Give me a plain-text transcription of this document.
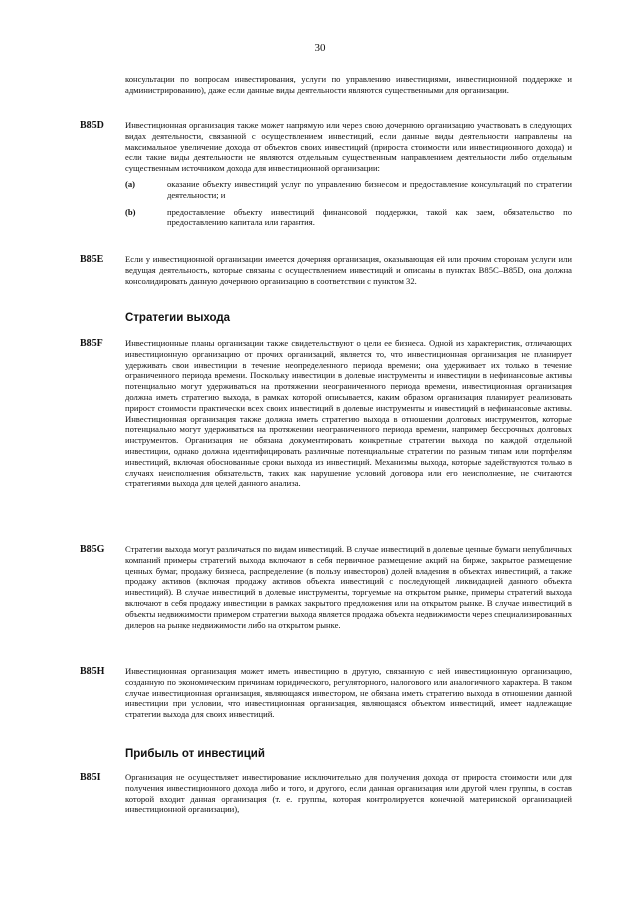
30
консультации по вопросам инвестирования, услуги по управлению инвестициями, инвестиционной поддержке и администрированию), даже если данные виды деятельности являются существенными для организации.
B85D	Инвестиционная организация также может напрямую или через свою дочернюю организацию участвовать в следующих видах деятельности, связанной с осуществлением инвестиций, если данные виды деятельности направлены на максимальное увеличение дохода от объектов своих инвестиций (прироста стоимости или инвестиционного дохода) и если такие виды деятельности не являются отдельным существенным направлением деятельности либо отдельным существенным источником дохода для инвестиционной организации:
(a)	оказание объекту инвестиций услуг по управлению бизнесом и предоставление консультаций по стратегии деятельности; и
(b)	предоставление объекту инвестиций финансовой поддержки, такой как заем, обязательство по предоставлению капитала или гарантия.
B85E	Если у инвестиционной организации имеется дочерняя организация, оказывающая ей или прочим сторонам услуги или ведущая деятельность, которые связаны с осуществлением инвестиций и описаны в пунктах B85C–B85D, она должна консолидировать данную дочернюю организацию в соответствии с пунктом 32.
Стратегии выхода
B85F	Инвестиционные планы организации также свидетельствуют о цели ее бизнеса. Одной из характеристик, отличающих инвестиционную организацию от прочих организаций, является то, что инвестиционная организация не планирует удерживать свои инвестиции в течение неопределенного периода времени; она удерживает их только в течение ограниченного периода времени. Поскольку инвестиции в долевые инструменты и инвестиции в нефинансовые активы потенциально могут удерживаться на протяжении неограниченного периода времени, инвестиционная организация должна иметь стратегию выхода, в рамках которой описывается, каким образом организация планирует реализовать прирост стоимости практически всех своих инвестиций в долевые инструменты и инвестиций в нефинансовые активы. Инвестиционная организация также должна иметь стратегию выхода в отношении долговых инструментов, которые потенциально могут удерживаться на протяжении неограниченного периода времени, например бессрочных долговых инструментов. Организация не обязана документировать конкретные стратегии выхода по каждой отдельной инвестиции, однако должна идентифицировать различные потенциальные стратегии по разным типам или портфелям инвестиций, включая обоснованные сроки выхода из инвестиций. Механизмы выхода, которые задействуются только в случаях неисполнения обязательств, таких как нарушение условий договора или его неисполнение, не считаются стратегиями выхода для целей данного анализа.
B85G	Стратегии выхода могут различаться по видам инвестиций. В случае инвестиций в долевые ценные бумаги непубличных компаний примеры стратегий выхода включают в себя первичное размещение акций на бирже, закрытое размещение ценных бумаг, продажу бизнеса, распределение (в пользу инвесторов) долей владения в объектах инвестиций, а также продажу активов (включая продажу активов объекта инвестиций с последующей ликвидацией данного объекта инвестиций). В случае инвестиций в долевые инструменты, торгуемые на открытом рынке, примеры стратегий выхода включают в себя продажу инвестиции в рамках закрытого предложения или на открытом рынке. В случае инвестиций в объекты недвижимости примером стратегии выхода является продажа объекта недвижимости через специализированных дилеров на рынке недвижимости либо на открытом рынке.
B85H	Инвестиционная организация может иметь инвестицию в другую, связанную с ней инвестиционную организацию, созданную по экономическим причинам юридического, регуляторного, налогового или аналогичного характера. В таком случае инвестиционная организация, являющаяся инвестором, не обязана иметь стратегию выхода в отношении данной инвестиции при условии, что инвестиционная организация, являющаяся объектом инвестиций, имеет надлежащие стратегии выхода для своих инвестиций.
Прибыль от инвестиций
B85I	Организация не осуществляет инвестирование исключительно для получения дохода от прироста стоимости или для получения инвестиционного дохода либо и того, и другого, если данная организация или другой член группы, в состав которой входит данная организация (т. е. группы, которая контролируется конечной материнской организацией инвестиционной организации),
